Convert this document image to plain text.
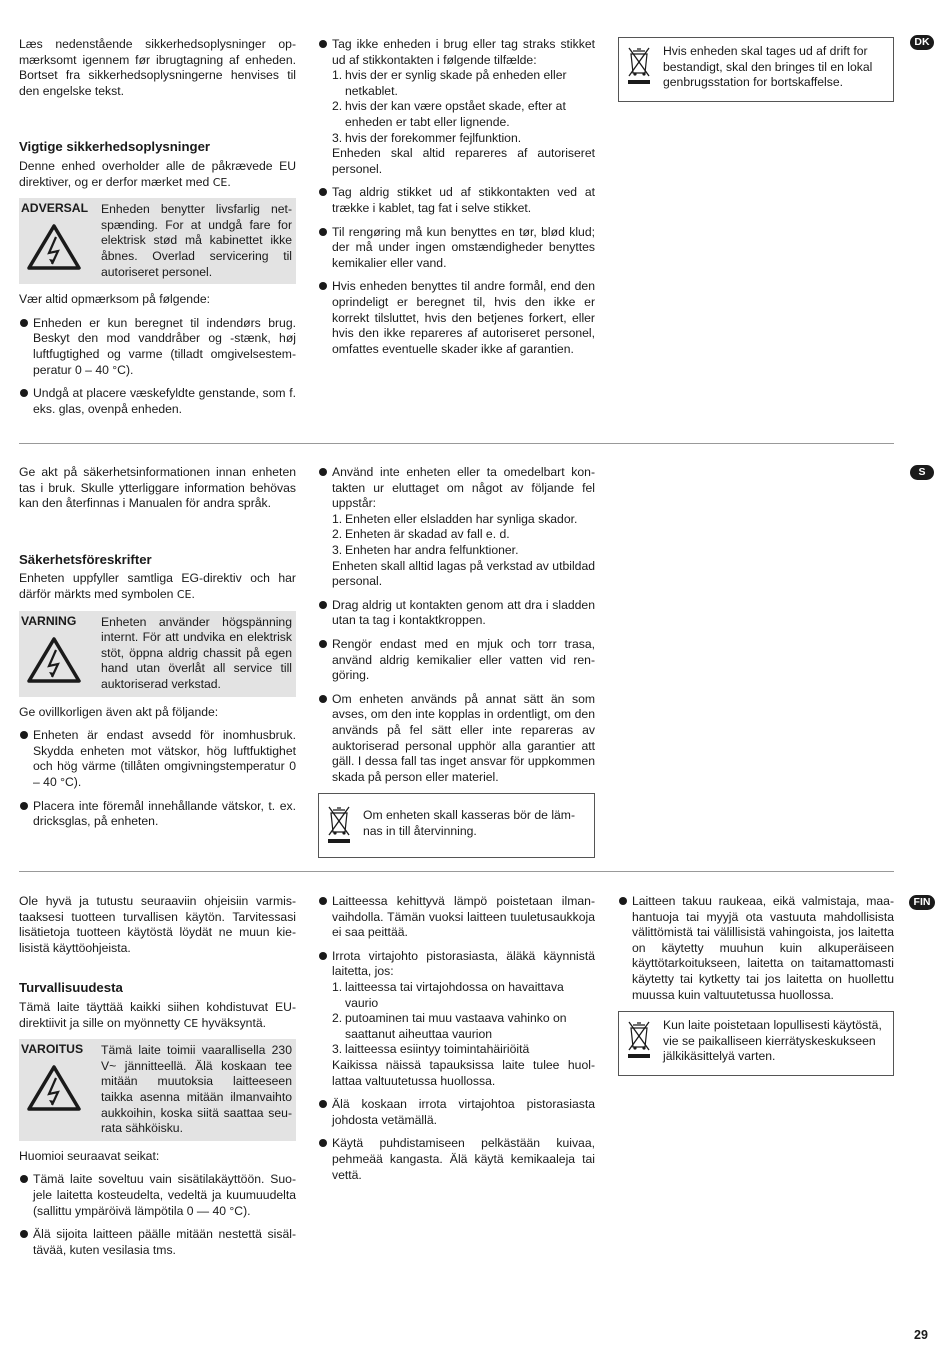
Læs nedenstående sikkerhedsoplysninger opmærksomt igennem før ibrugtagning af enheden. Bortset fra sikkerhedsoplysningerne henvises til den engelske tekst.

Vigtige sikkerhedsoplysninger

Denne enhed overholder alle de påkrævede EU direktiver, og er derfor mærket med CE.

ADVERSAL Enheden benytter livsfarlig netspænding. For at undgå fare for elektrisk stød må kabinettet ikke åbnes. Overlad servicering til autoriseret personel.

Vær altid opmærksom på følgende:

Enheden er kun beregnet til indendørs brug. Beskyt den mod vanddråber og -stænk, høj luftfugtighed og varme (tilladt omgivelsestemperatur 0 – 40 °C).
Undgå at placere væskefyldte genstande, som f. eks. glas, ovenpå enheden.
Tag ikke enheden i brug eller tag straks stikket ud af stikkontakten i følgende tilfælde:
1. hvis der er synlig skade på enheden eller netkablet.
2. hvis der kan være opstået skade, efter at enheden er tabt eller lignende.
3. hvis der forekommer fejlfunktion.
Enheden skal altid repareres af autoriseret personel.
Tag aldrig stikket ud af stikkontakten ved at trække i kablet, tag fat i selve stikket.
Til rengøring må kun benyttes en tør, blød klud; der må under ingen omstændigheder benyttes kemikalier eller vand.
Hvis enheden benyttes til andre formål, end den oprindeligt er beregnet til, hvis den ikke er korrekt tilsluttet, hvis den betjenes forkert, eller hvis den ikke repareres af autoriseret personel, omfattes eventuelle skader ikke af garantien.
Hvis enheden skal tages ud af drift for bestandigt, skal den bringes til en lokal genbrugsstation for bortskaffelse.
DK

Ge akt på säkerhetsinformationen innan enheten tas i bruk. Skulle ytterliggare information behövas kan den återfinnas i Manualen för andra språk.

Säkerhetsföreskrifter

Enheten uppfyller samtliga EG-direktiv och har därför märkts med symbolen CE.

VARNING Enheten använder högspänning internt. För att undvika en elektrisk stöt, öppna aldrig chassit på egen hand utan överlåt all service till auktoriserad verkstad.

Ge ovillkorligen även akt på följande:

Enheten är endast avsedd för inomhusbruk. Skydda enheten mot vätskor, hög luftfuktighet och hög värme (tillåten omgivningstemperatur 0 – 40 °C).
Placera inte föremål innehållande vätskor, t. ex. dricksglas, på enheten.
Använd inte enheten eller ta omedelbart kontakten ur eluttaget om något av följande fel uppstår:
1. Enheten eller elsladden har synliga skador.
2. Enheten är skadad av fall e. d.
3. Enheten har andra felfunktioner.
Enheten skall alltid lagas på verkstad av utbildad personal.
Drag aldrig ut kontakten genom att dra i sladden utan ta tag i kontaktkroppen.
Rengör endast med en mjuk och torr trasa, använd aldrig kemikalier eller vatten vid rengöring.
Om enheten används på annat sätt än som avses, om den inte kopplas in ordentligt, om den används på fel sätt eller inte repareras av auktoriserad personal upphör alla garantier att gäll. I dessa fall tas inget ansvar för uppkommen skada på person eller materiel.
Om enheten skall kasseras bör de lämnas in till återvinning.
S

Ole hyvä ja tutustu seuraaviin ohjeisiin varmistaaksesi tuotteen turvallisen käytön. Tarvitessasi lisätietoja tuotteen käytöstä löydät ne muun kielisistä käyttöohjeista.

Turvallisuudesta

Tämä laite täyttää kaikki siihen kohdistuvat EU-direktiivit ja sille on myönnetty CE hyväksyntä.

VAROITUS Tämä laite toimii vaarallisella 230 V~ jännitteellä. Älä koskaan tee mitään muutoksia laitteeseen taikka asenna mitään ilmanvaihto aukkoihin, koska siitä saattaa seurata sähköisku.

Huomioi seuraavat seikat:

Tämä laite soveltuu vain sisätilakäyttöön. Suojele laitetta kosteudelta, vedeltä ja kuumuudelta (sallittu ympäröivä lämpötila 0 — 40 °C).
Älä sijoita laitteen päälle mitään nestettä sisältävää, kuten vesilasia tms.
Laitteessa kehittyvä lämpö poistetaan ilmanvaihdolla. Tämän vuoksi laitteen tuuletusaukkoja ei saa peittää.
Irrota virtajohto pistorasiasta, äläkä käynnistä laitetta, jos:
1. laitteessa tai virtajohdossa on havaittava vaurio
2. putoaminen tai muu vastaava vahinko on saattanut aiheuttaa vaurion
3. laitteessa esiintyy toimintahäiriöitä
Kaikissa näissä tapauksissa laite tulee huollattaa valtuutetussa huollossa.
Älä koskaan irrota virtajohtoa pistorasiasta johdosta vetämällä.
Käytä puhdistamiseen pelkästään kuivaa, pehmeää kangasta. Älä käytä kemikaaleja tai vettä.
Laitteen takuu raukeaa, eikä valmistaja, maahantuoja tai myyjä ota vastuuta mahdollisista välittömistä tai välillisistä vahingoista, jos laitetta on käytetty muuhun kuin alkuperäiseen käyttötarkoitukseen, laitetta on taitamattomasti käytetty tai kytketty tai jos laitetta on huollettu muussa kuin valtuutetussa huollossa.
Kun laite poistetaan lopullisesti käytöstä, vie se paikalliseen kierrätyskeskukseen jälkikäsittelyä varten.
FIN
29
